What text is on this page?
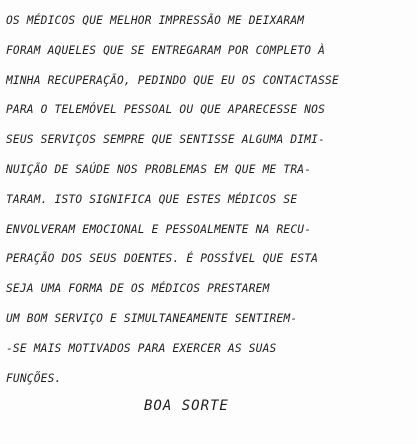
OS MÉDICOS QUE MELHOR IMPRESSÃO ME DEIXARAM
FORAM AQUELES QUE SE ENTREGARAM POR COMPLETO À
MINHA RECUPERAÇÃO, PEDINDO QUE EU OS CONTACTASSE
PARA O TELEMÓVEL PESSOAL OU QUE APARECESSE NOS
SEUS SERVIÇOS SEMPRE QUE SENTISSE ALGUMA DIMI-
NUIÇÃO DE SAÚDE NOS PROBLEMAS EM QUE ME TRA-
TARAM. ISTO SIGNIFICA QUE ESTES MÉDICOS SE
ENVOLVERAM EMOCIONAL E PESSOALMENTE NA RECU-
PERAÇÃO DOS SEUS DOENTES. É POSSÍVEL QUE ESTA
SEJA UMA FORMA DE OS MÉDICOS PRESTAREM
UM BOM SERVIÇO E SIMULTANEAMENTE SENTIREM-
-SE MAIS MOTIVADOS PARA EXERCER AS SUAS
FUNÇÕES.
BOA SORTE
